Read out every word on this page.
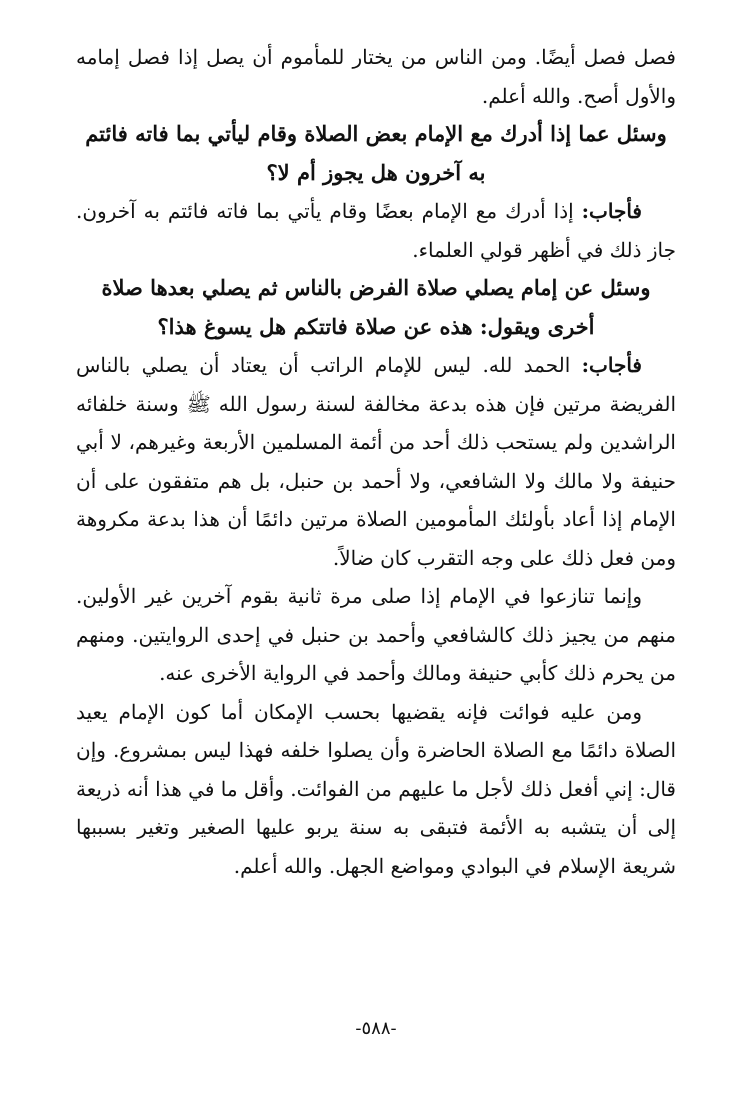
فصل فصل أيضًا. ومن الناس من يختار للمأموم أن يصل إذا فصل إمامه والأول أصح. والله أعلم.

وسئل عما إذا أدرك مع الإمام بعض الصلاة وقام ليأتي بما فاته فائتم به آخرون هل يجوز أم لا؟

فأجاب: إذا أدرك مع الإمام بعضًا وقام يأتي بما فاته فائتم به آخرون. جاز ذلك في أظهر قولي العلماء.

وسئل عن إمام يصلي صلاة الفرض بالناس ثم يصلي بعدها صلاة أخرى ويقول: هذه عن صلاة فاتتكم هل يسوغ هذا؟

فأجاب: الحمد لله. ليس للإمام الراتب أن يعتاد أن يصلي بالناس الفريضة مرتين فإن هذه بدعة مخالفة لسنة رسول الله ﷺ وسنة خلفائه الراشدين ولم يستحب ذلك أحد من أئمة المسلمين الأربعة وغيرهم، لا أبي حنيفة ولا مالك ولا الشافعي، ولا أحمد بن حنبل، بل هم متفقون على أن الإمام إذا أعاد بأولئك المأمومين الصلاة مرتين دائمًا أن هذا بدعة مكروهة ومن فعل ذلك على وجه التقرب كان ضالاً.

وإنما تنازعوا في الإمام إذا صلى مرة ثانية بقوم آخرين غير الأولين. منهم من يجيز ذلك كالشافعي وأحمد بن حنبل في إحدى الروايتين. ومنهم من يحرم ذلك كأبي حنيفة ومالك وأحمد في الرواية الأخرى عنه.

ومن عليه فوائت فإنه يقضيها بحسب الإمكان أما كون الإمام يعيد الصلاة دائمًا مع الصلاة الحاضرة وأن يصلوا خلفه فهذا ليس بمشروع. وإن قال: إني أفعل ذلك لأجل ما عليهم من الفوائت. وأقل ما في هذا أنه ذريعة إلى أن يتشبه به الأئمة فتبقى به سنة يربو عليها الصغير وتغير بسببها شريعة الإسلام في البوادي ومواضع الجهل. والله أعلم.

-٥٨٨-
